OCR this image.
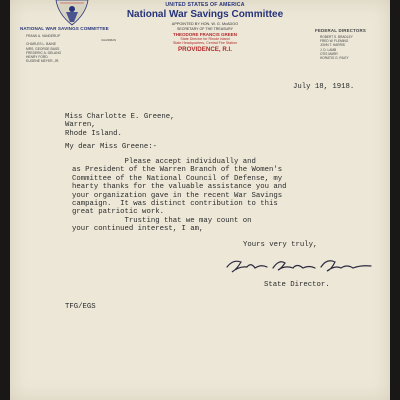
NATIONAL WAR SAVINGS COMMITTEE
FRANK A. VANDERLIP
CHAIRMAN
CHARLES L. BAINE
MRS. GEORGE BASS
FREDERIC A. DELANO
HENRY FORD
EUGENE MEYER, JR.
UNITED STATES OF AMERICA
National War Savings Committee
APPOINTED BY HON. W. G. McADOO
SECRETARY OF THE TREASURY
THEODORE FRANCIS GREEN
State Director for Rhode Island
State Headquarters, Central Fire Station
PROVIDENCE, R.I.
FEDERAL DIRECTORS
ROBERT S. BRADLEY
FRED W. FLEMING
JOHN T. HARRIS
J. D. LAMB
OTIS MARR
HORATIO G. RILEY
July 18, 1918.
Miss Charlotte E. Greene,
Warren,
Rhode Island.
My dear Miss Greene:-
Please accept individually and
as President of the Warren Branch of the Women's
Committee of the National Council of Defense, my
hearty thanks for the valuable assistance you and
your organization gave in the recent War Savings
campaign.  It was distinct contribution to this
great patriotic work.
Trusting that we may count on
your continued interest, I am,
Yours very truly,
State Director.
TFG/EGS
